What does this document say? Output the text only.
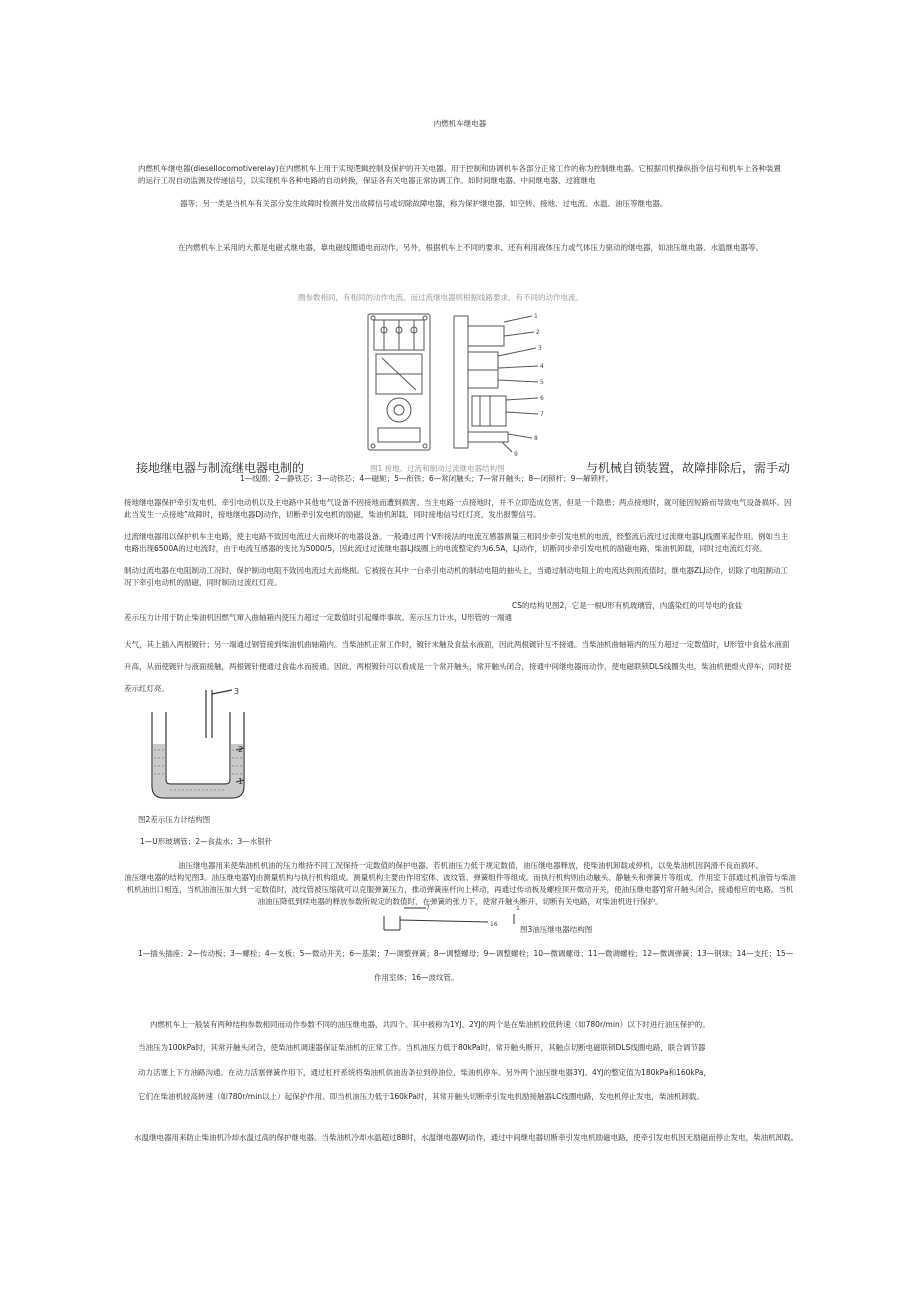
内燃机车继电器
内燃机车继电器(dieseIlocomotiverelay)在内燃机车上用于实现逻辑控制及保护的开关电器。用于控制和协调机车各部分正常工作的称为控制继电器。它根据司机操纵指令信号和机车上各种装置的运行工况自动监测及传递信号，以实现机车各种电路的自动转换，保证各有关电器正常协调工作。如时间继电器、中间继电器、过渡继电
器等；另一类是当机车有关部分发生故障时检测并发出故障信号或切除故障电器，称为保护继电器，如空转、接地、过电流、水温、油压等继电器。
在内燃机车上采用的大都是电磁式继电器，靠电磁线圈通电而动作。另外，根据机车上不同的要求，还有利用液体压力或气体压力驱动的继电器，如油压继电器、水温继电器等。
圈参数相同，有相同的动作电流。而过流继电器则根据线路要求，有不同的动作电流。
1
2
3
4
5
6
7
8
9
接地继电器与制流继电器电制的	图1 接地、过流和制动过流继电器结构图	与机械自锁装置，故障排除后，需手动
1—线圈；2—静铁芯；3—动铁芯；4—磁轭；5—衔铁；6—常闭触头；7—常开触头；8—闭锁杆；9—解锁杆。
接地继电器保护牵引发电机、牵引电动机以及主电路中其他电气设备不因接地而遭到损害。当主电路一点接地时，并不立即造成危害，但是一个隐患；两点接地时，就可能因短路而导致电气设备损坏。因此当发生一点接地”故障时，接地继电器DJ动作，切断牵引发电机的励磁，柴油机卸载，同时接地信号红灯亮，发出报警信号。
过流继电器用以保护机车主电路，使主电路不致因电流过大而烧坏的电器设备。一般通过两个V形接法的电流互感器测量三相同步牵引发电机的电流，经整流后流过过流继电器LJ线圈来起作用。例如当主电路出现6500A的过电流时，由于电流互感器的变比为5000/5，因此流过过流继电器LJ线圈上的电流整定约为6.5A，LJ动作，切断同步牵引发电机的励磁电路，柴油机卸载，同时过电流红灯亮。
制动过流电器在电阻制动工况时，保护制动电阻不致因电流过大而烧损。它被接在其中一台牵引电动机的制动电阻的抽头上，当通过制动电阻上的电流达到预流值时，继电器ZLJ动作，切除了电阻制动工况下牵引电动机的励磁，同时制动过流红灯亮。
CS的结构见图2，它是一根U形有机玻璃管，内盛染红的可导电的食盐
差示压力计用于防止柴油机因燃气窜入曲轴箱内使压力超过一定数值时引起爆炸事故。差示压力计水，U形管的一端通
大气，其上插入两根镀针；另一端通过钢管接到柴油机曲轴箱内。当柴油机正常工作时，镀针未触及食盐水液面，因此两根镀针互不接通。当柴油机曲轴箱内的压力超过一定数值时，U形管中食盐水液面升高，从而使镀针与液面接触，两根镀针便通过食盐水而接通。因此，两根镀针可以看成是一个常开触头，常开触头闭合，接通中间继电器而动作，使电磁联锁DLS线圈失电，柴油机便熄火停车，同时使差示红灯亮。	3
2
1
图2差示压力计结构图
1—U形玻璃管；2—食盐水；3—水银针
油压继电器用来使柴油机机油的压力维持不同工况保持一定数值的保护电器。若机油压力低于规定数值，油压继电器释放，使柴油机卸载或停机，以免柴油机因润滑不良而损坏。
油压继电器的结构见图3。油压继电器YJ由测量机构与执行机构组成。测量机构主要由作用室体、波纹管、弹簧组件等组成。而执行机构则由动触头、静触头和弹簧片等组成。作用室下部通过机油管与柴油机机油出口相连，当机油油压加大到一定数值时，波纹管被压缩就可以克服弹簧压力，推动弹簧座杆向上移动，再通过传动板及螺栓顶开微动开关，使油压继电器YJ常开触头闭合，接通相应的电路。当机油油压降低到续电器的释放参数所规定的数值时，在弹簧的张力下，使常开触头断开，切断有关电路，对柴油机进行保护。
7	1
16
图3油压继电器结构图
1—插头插座；2—传动板；3—螺栓；4—支板；5—微动开关；6—基架；7—调整弹簧；8—调整螺母；9—调整螺栓；10—微调螺母；11—微调螺栓；12—微调弹簧；13—钢球；14—支托；15—
作用室体；16—波纹管。
内燃机车上一般装有两种结构参数相同而动作参数不同的油压继电器，共四个。其中被称为1YJ、2YJ的两个是在柴油机较低转速（如780r/min）以下时进行油压保护的。
当油压为100kPa时，其常开触头闭合，使柴油机调速器保证柴油机的正常工作。当机油压力低于80kPa时，常开触头断开，其触点切断电磁联锁DLS线圈电路，联合调节器
动力活塞上下方油路沟通。在动力活塞弹簧作用下，通过杠杆系统将柴油机供油齿条拉到停油位，柴油机停车。另外两个油压继电器3YJ、4YJ的整定值为180kPa和160kPa，
它们在柴油机较高转速（如780r/min以上）起保护作用。即当机油压力低于160kPa时，其常开触头切断牵引发电机励接触器LC线圈电路，发电机停止发电，柴油机卸载。
水温继电器用来防止柴油机冷却水温过高的保护继电器。当柴油机冷却水温超过88时，水温继电器WJ动作，通过中间继电器切断牵引发电机励磁电路，使牵引发电机因无励磁而停止发电，柴油机卸载。
